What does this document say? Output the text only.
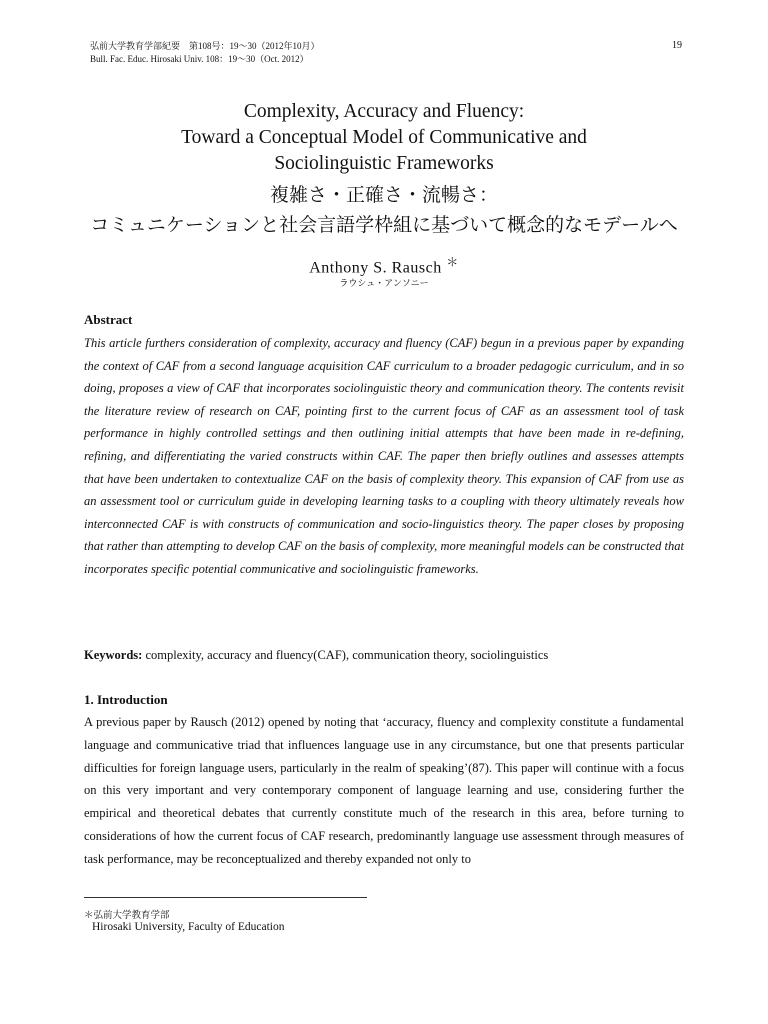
弘前大学教育学部紀要　第108号：19〜30（2012年10月）
Bull. Fac. Educ. Hirosaki Univ. 108：19〜30（Oct. 2012）
19
Complexity, Accuracy and Fluency:
Toward a Conceptual Model of Communicative and
Sociolinguistic Frameworks
複雑さ・正確さ・流暢さ：
コミュニケーションと社会言語学枠組に基づいて概念的なモデールへ
Anthony S. Rausch ＊
ラウシュ・アンソニー
Abstract
This article furthers consideration of complexity, accuracy and fluency (CAF) begun in a previous paper by expanding the context of CAF from a second language acquisition CAF curriculum to a broader pedagogic curriculum, and in so doing, proposes a view of CAF that incorporates sociolinguistic theory and communication theory. The contents revisit the literature review of research on CAF, pointing first to the current focus of CAF as an assessment tool of task performance in highly controlled settings and then outlining initial attempts that have been made in re-defining, refining, and differentiating the varied constructs within CAF. The paper then briefly outlines and assesses attempts that have been undertaken to contextualize CAF on the basis of complexity theory. This expansion of CAF from use as an assessment tool or curriculum guide in developing learning tasks to a coupling with theory ultimately reveals how interconnected CAF is with constructs of communication and socio-linguistics theory. The paper closes by proposing that rather than attempting to develop CAF on the basis of complexity, more meaningful models can be constructed that incorporates specific potential communicative and sociolinguistic frameworks.
Keywords: complexity, accuracy and fluency(CAF), communication theory, sociolinguistics
1. Introduction
A previous paper by Rausch (2012) opened by noting that ‘accuracy, fluency and complexity constitute a fundamental language and communicative triad that influences language use in any circumstance, but one that presents particular difficulties for foreign language users, particularly in the realm of speaking’(87). This paper will continue with a focus on this very important and very contemporary component of language learning and use, considering further the empirical and theoretical debates that currently constitute much of the research in this area, before turning to considerations of how the current focus of CAF research, predominantly language use assessment through measures of task performance, may be reconceptualized and thereby expanded not only to
＊弘前大学教育学部
Hirosaki University, Faculty of Education
